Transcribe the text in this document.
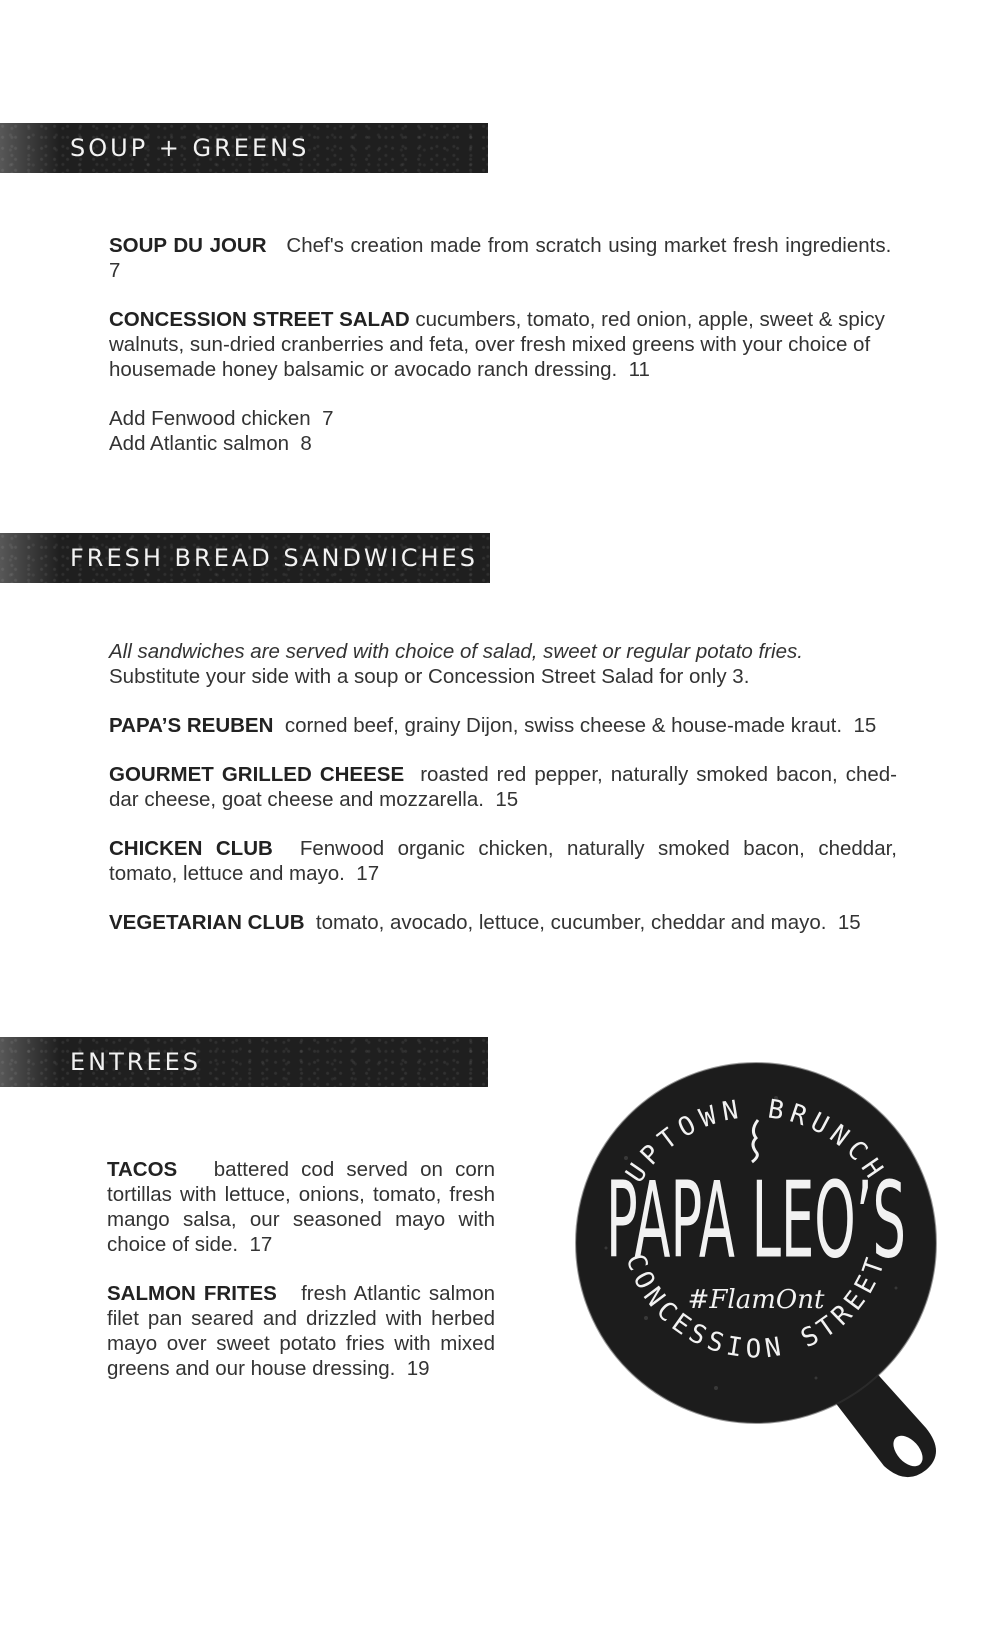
SOUP + GREENS

SOUP DU JOUR Chef's creation made from scratch using market fresh ingredients.  7

CONCESSION STREET SALAD cucumbers, tomato, red onion, apple, sweet & spicy walnuts, sun-dried cranberries and feta, over fresh mixed greens with your choice of housemade honey balsamic or avocado ranch dressing. 11

Add Fenwood chicken  7
Add Atlantic salmon  8
FRESH BREAD SANDWICHES

All sandwiches are served with choice of salad, sweet or regular potato fries.
Substitute your side with a soup or Concession Street Salad for only 3.

PAPA’S REUBEN corned beef, grainy Dijon, swiss cheese & house-made kraut. 15

GOURMET GRILLED CHEESE roasted red pepper, naturally smoked bacon, ched-dar cheese, goat cheese and mozzarella. 15

CHICKEN CLUB Fenwood organic chicken, naturally smoked bacon, cheddar, tomato, lettuce and mayo. 17

VEGETARIAN CLUB tomato, avocado, lettuce, cucumber, cheddar and mayo. 15

ENTREES

TACOS battered cod served on corn tortillas with lettuce, onions, tomato, fresh mango salsa, our seasoned mayo with choice of side. 17

SALMON FRITES fresh Atlantic salmon filet pan seared and drizzled with herbed mayo over sweet potato fries with mixed greens and our house dressing. 19

UPTOWN BRUNCH
PAPA LEO’S
#FlamOnt
CONCESSION STREET
